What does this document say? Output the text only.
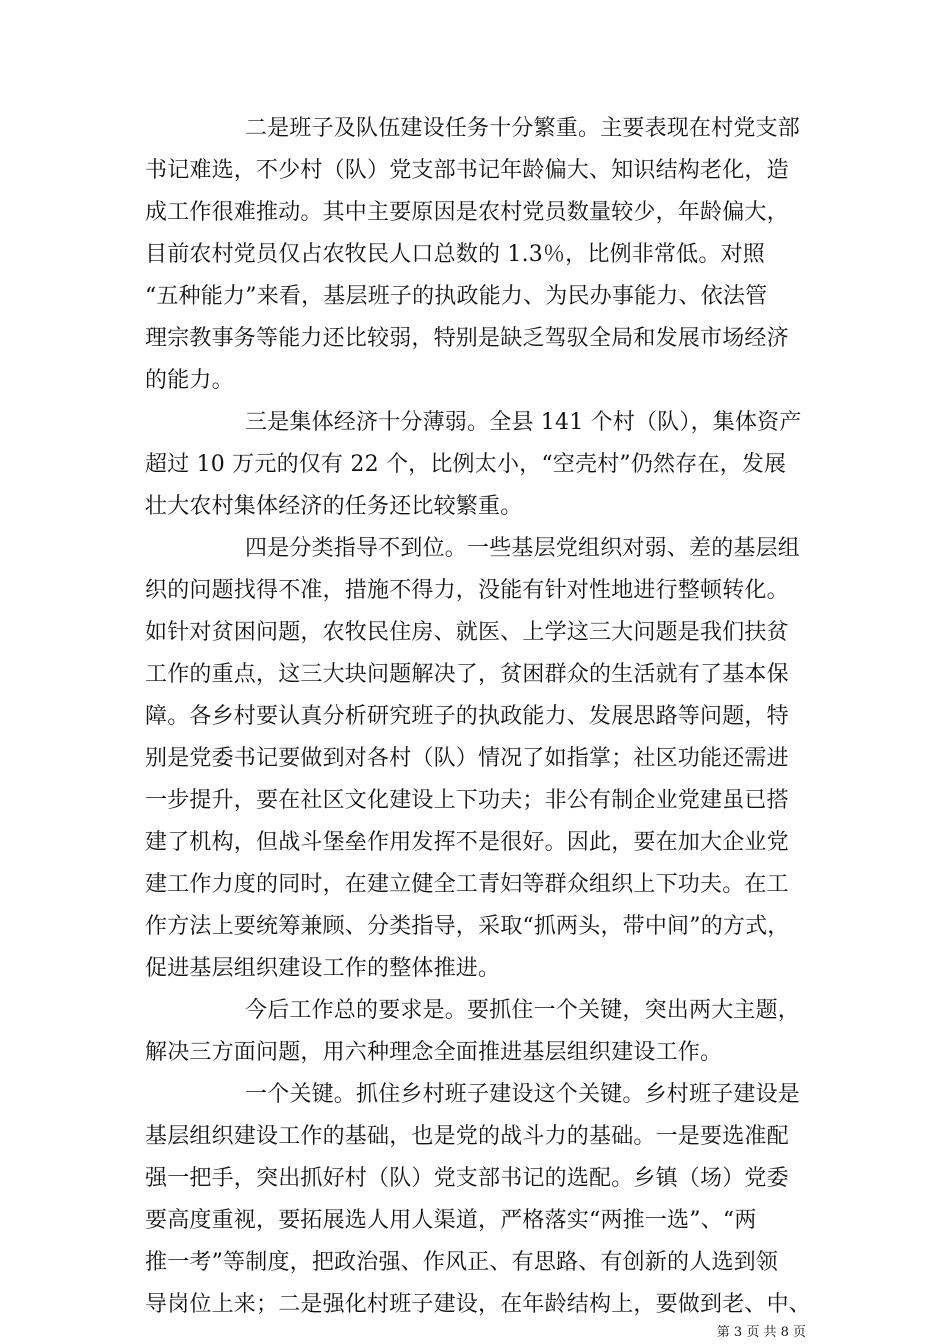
二是班子及队伍建设任务十分繁重。主要表现在村党支部
书记难选，不少村（队）党支部书记年龄偏大、知识结构老化，造
成工作很难推动。其中主要原因是农村党员数量较少，年龄偏大，
目前农村党员仅占农牧民人口总数的 1.3％，比例非常低。对照
“五种能力”来看，基层班子的执政能力、为民办事能力、依法管
理宗教事务等能力还比较弱，特别是缺乏驾驭全局和发展市场经济
的能力。
三是集体经济十分薄弱。全县 141 个村（队），集体资产
超过 10 万元的仅有 22 个，比例太小，“空壳村”仍然存在，发展
壮大农村集体经济的任务还比较繁重。
四是分类指导不到位。一些基层党组织对弱、差的基层组
织的问题找得不准，措施不得力，没能有针对性地进行整顿转化。
如针对贫困问题，农牧民住房、就医、上学这三大问题是我们扶贫
工作的重点，这三大块问题解决了，贫困群众的生活就有了基本保
障。各乡村要认真分析研究班子的执政能力、发展思路等问题，特
别是党委书记要做到对各村（队）情况了如指掌；社区功能还需进
一步提升，要在社区文化建设上下功夫；非公有制企业党建虽已搭
建了机构，但战斗堡垒作用发挥不是很好。因此，要在加大企业党
建工作力度的同时，在建立健全工青妇等群众组织上下功夫。在工
作方法上要统筹兼顾、分类指导，采取“抓两头，带中间”的方式，
促进基层组织建设工作的整体推进。
今后工作总的要求是。要抓住一个关键，突出两大主题，
解决三方面问题，用六种理念全面推进基层组织建设工作。
一个关键。抓住乡村班子建设这个关键。乡村班子建设是
基层组织建设工作的基础，也是党的战斗力的基础。一是要选准配
强一把手，突出抓好村（队）党支部书记的选配。乡镇（场）党委
要高度重视，要拓展选人用人渠道，严格落实“两推一选”、“两
推一考”等制度，把政治强、作风正、有思路、有创新的人选到领
导岗位上来；二是强化村班子建设，在年龄结构上，要做到老、中、
第 3 页 共 8 页
